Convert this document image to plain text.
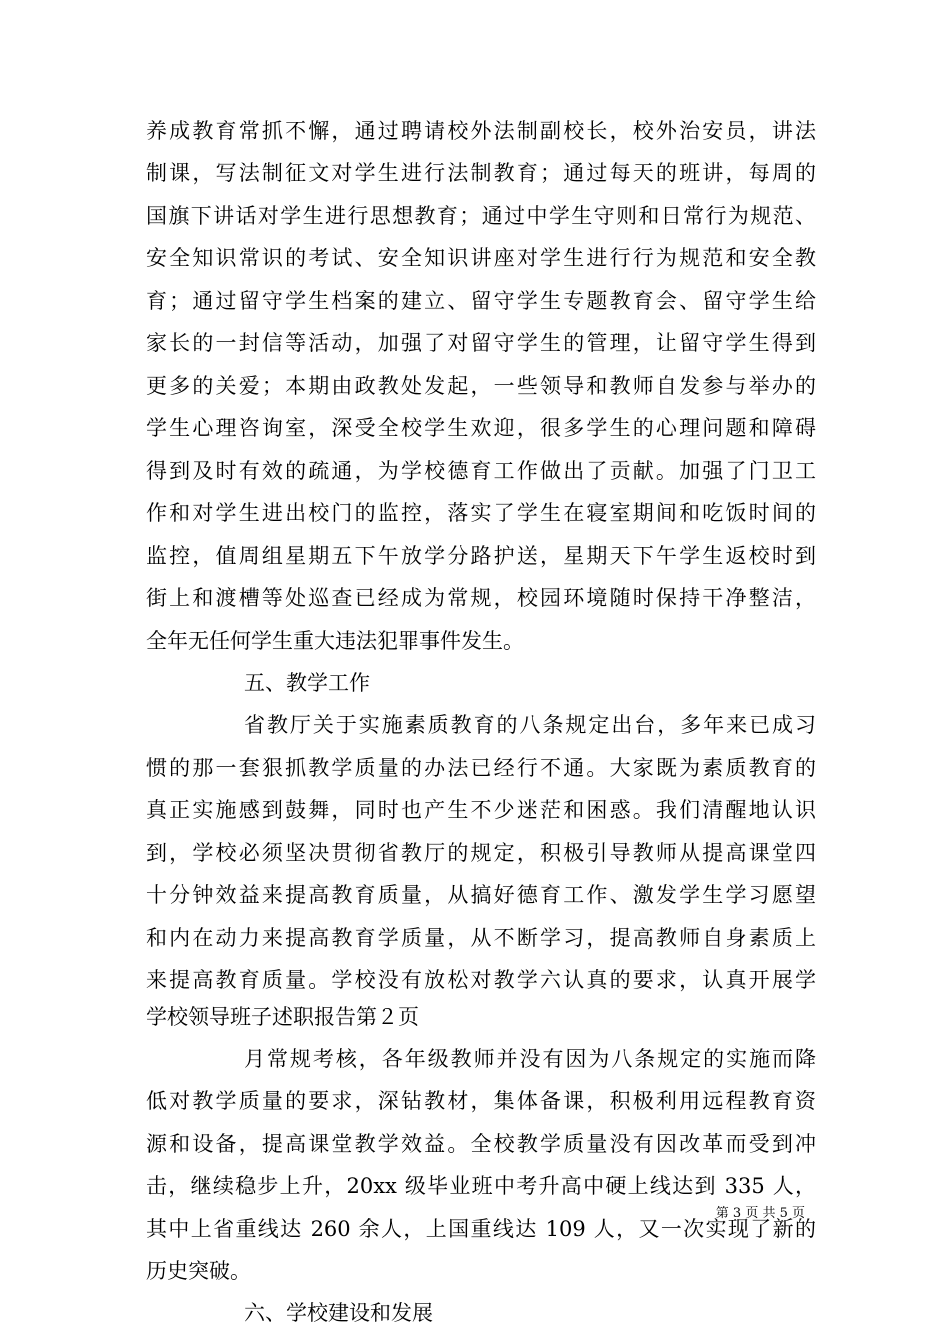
养成教育常抓不懈，通过聘请校外法制副校长，校外治安员，讲法
制课，写法制征文对学生进行法制教育；通过每天的班讲，每周的
国旗下讲话对学生进行思想教育；通过中学生守则和日常行为规范、
安全知识常识的考试、安全知识讲座对学生进行行为规范和安全教
育；通过留守学生档案的建立、留守学生专题教育会、留守学生给
家长的一封信等活动，加强了对留守学生的管理，让留守学生得到
更多的关爱；本期由政教处发起，一些领导和教师自发参与举办的
学生心理咨询室，深受全校学生欢迎，很多学生的心理问题和障碍
得到及时有效的疏通，为学校德育工作做出了贡献。加强了门卫工
作和对学生进出校门的监控，落实了学生在寝室期间和吃饭时间的
监控，值周组星期五下午放学分路护送，星期天下午学生返校时到
街上和渡槽等处巡查已经成为常规，校园环境随时保持干净整洁，
全年无任何学生重大违法犯罪事件发生。
五、教学工作
省教厅关于实施素质教育的八条规定出台，多年来已成习
惯的那一套狠抓教学质量的办法已经行不通。大家既为素质教育的
真正实施感到鼓舞，同时也产生不少迷茫和困惑。我们清醒地认识
到，学校必须坚决贯彻省教厅的规定，积极引导教师从提高课堂四
十分钟效益来提高教育质量，从搞好德育工作、激发学生学习愿望
和内在动力来提高教育学质量，从不断学习，提高教师自身素质上
来提高教育质量。学校没有放松对教学六认真的要求，认真开展学
学校领导班子述职报告第２页
月常规考核，各年级教师并没有因为八条规定的实施而降
低对教学质量的要求，深钻教材，集体备课，积极利用远程教育资
源和设备，提高课堂教学效益。全校教学质量没有因改革而受到冲
击，继续稳步上升，20xx 级毕业班中考升高中硬上线达到 335 人，
其中上省重线达 260 余人，上国重线达 109 人，又一次实现了新的
历史突破。
六、学校建设和发展
第 3 页 共 5 页
